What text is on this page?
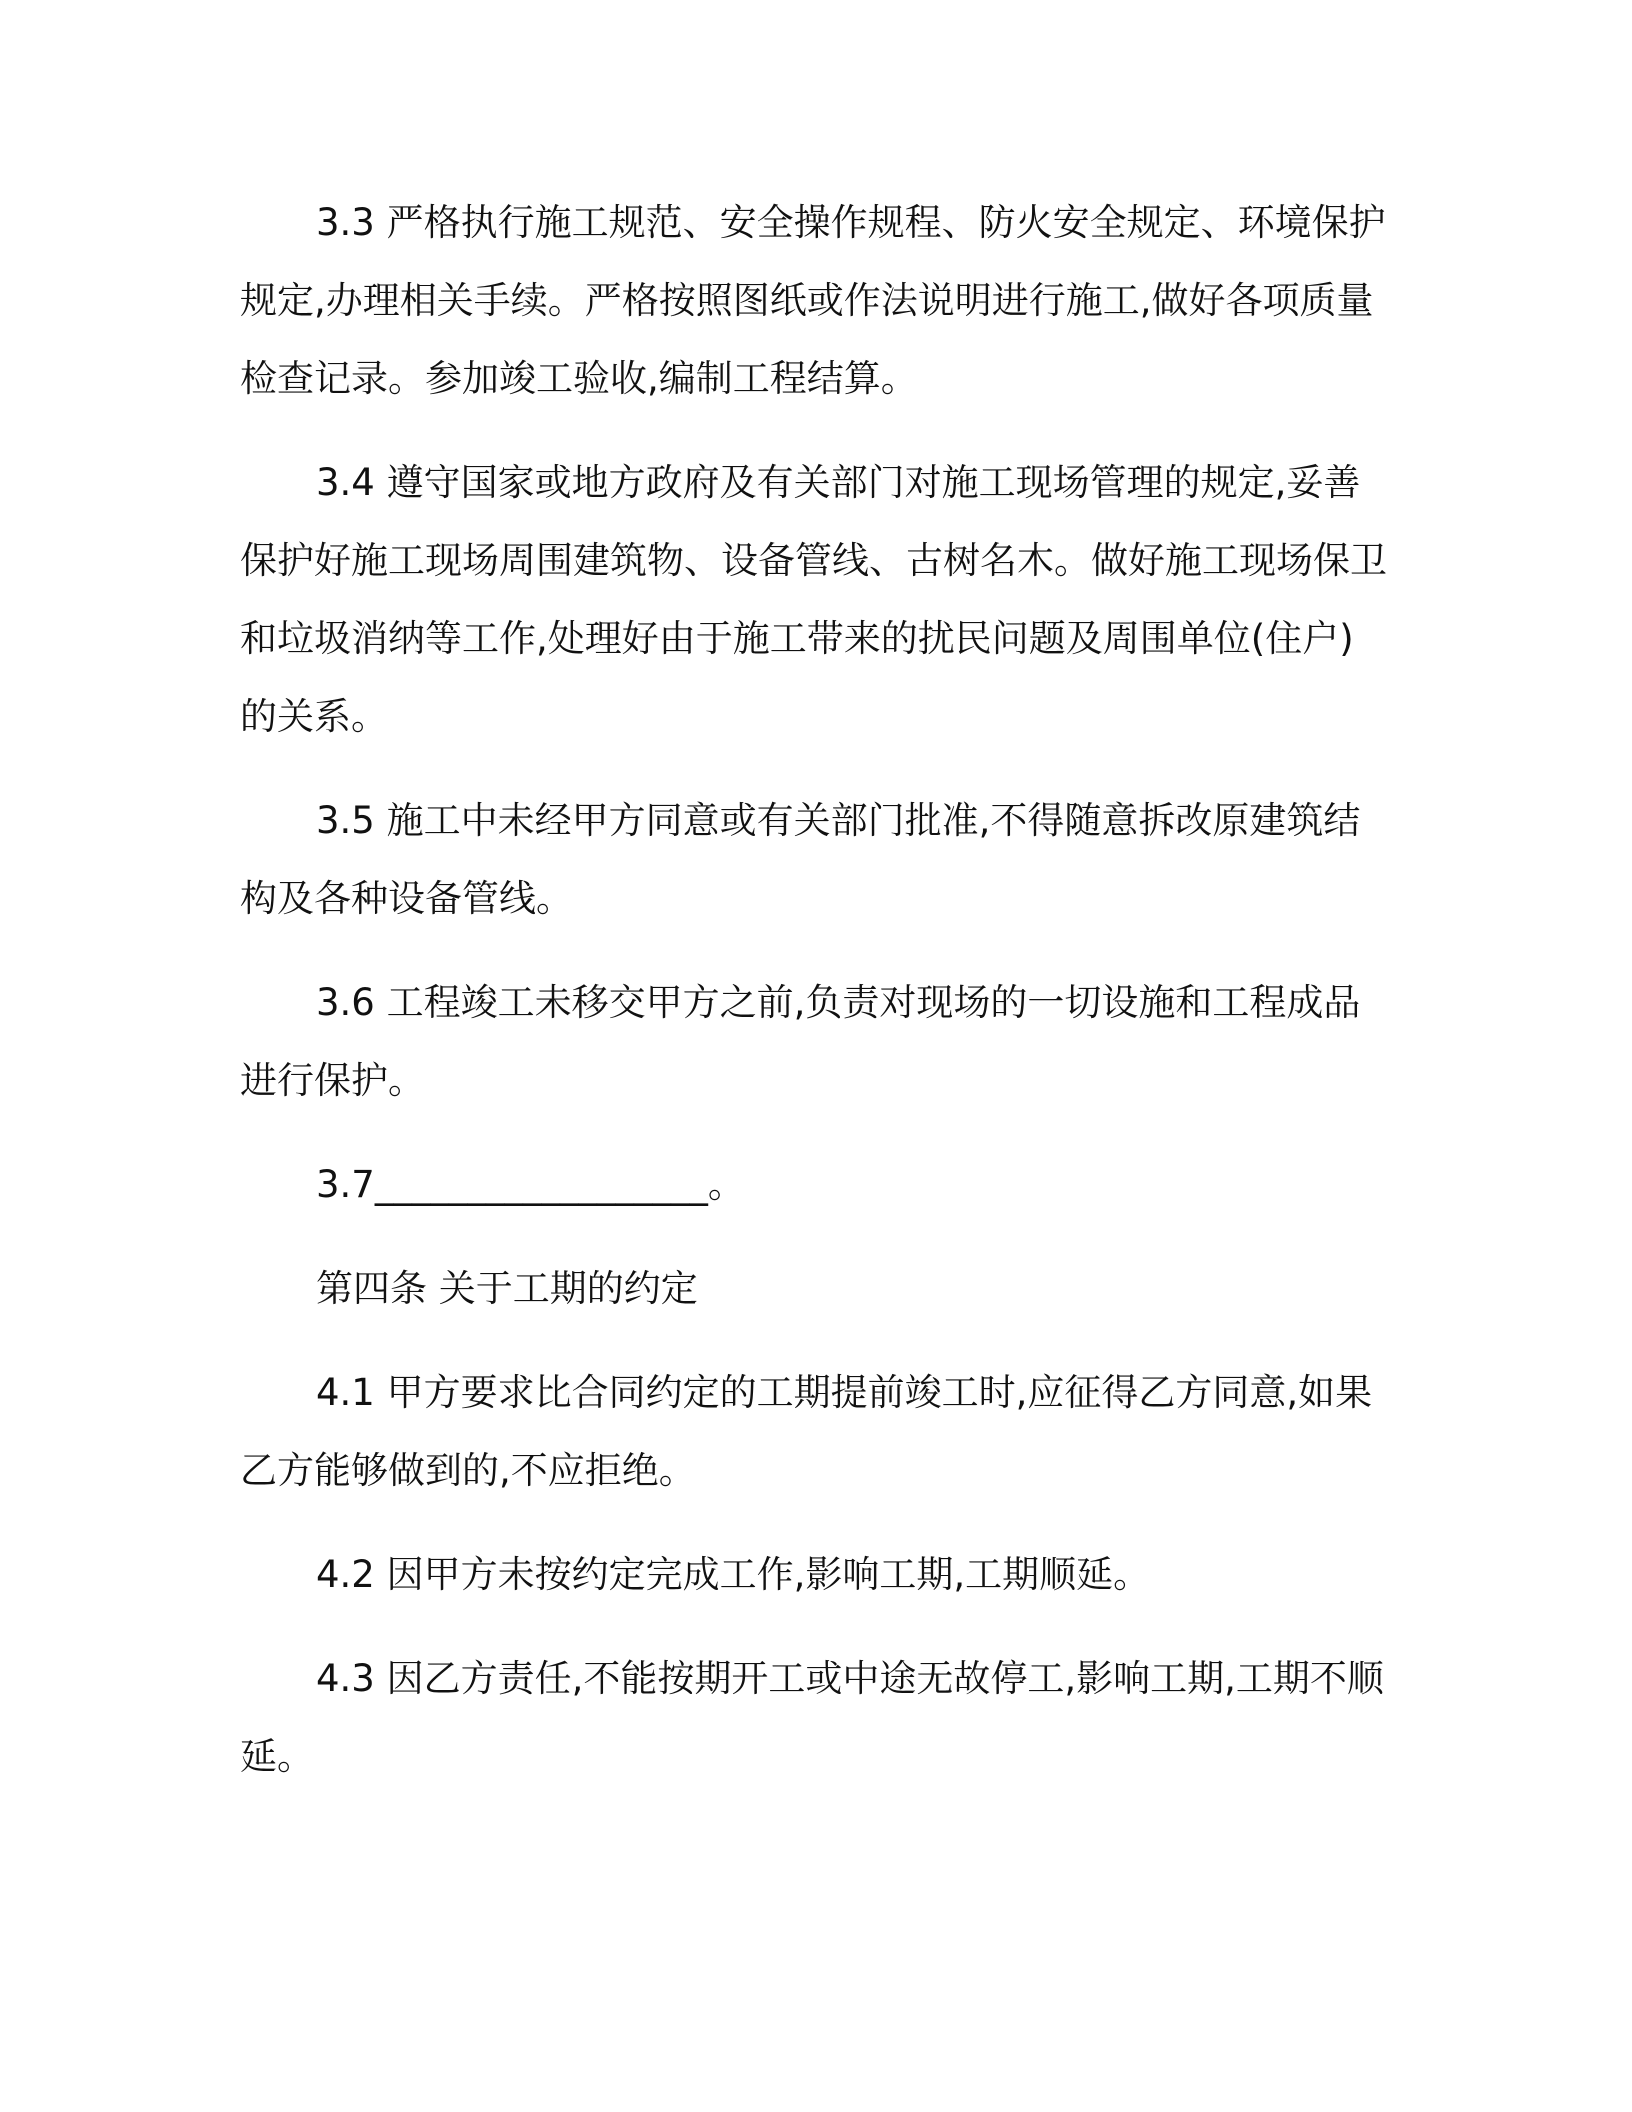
3.3 严格执行施工规范、安全操作规程、防火安全规定、环境保护规定,办理相关手续。严格按照图纸或作法说明进行施工,做好各项质量检查记录。参加竣工验收,编制工程结算。

3.4 遵守国家或地方政府及有关部门对施工现场管理的规定,妥善保护好施工现场周围建筑物、设备管线、古树名木。做好施工现场保卫和垃圾消纳等工作,处理好由于施工带来的扰民问题及周围单位(住户)的关系。

3.5 施工中未经甲方同意或有关部门批准,不得随意拆改原建筑结构及各种设备管线。

3.6 工程竣工未移交甲方之前,负责对现场的一切设施和工程成品进行保护。

3.7__________________。

第四条 关于工期的约定

4.1 甲方要求比合同约定的工期提前竣工时,应征得乙方同意,如果乙方能够做到的,不应拒绝。

4.2 因甲方未按约定完成工作,影响工期,工期顺延。

4.3 因乙方责任,不能按期开工或中途无故停工,影响工期,工期不顺延。
